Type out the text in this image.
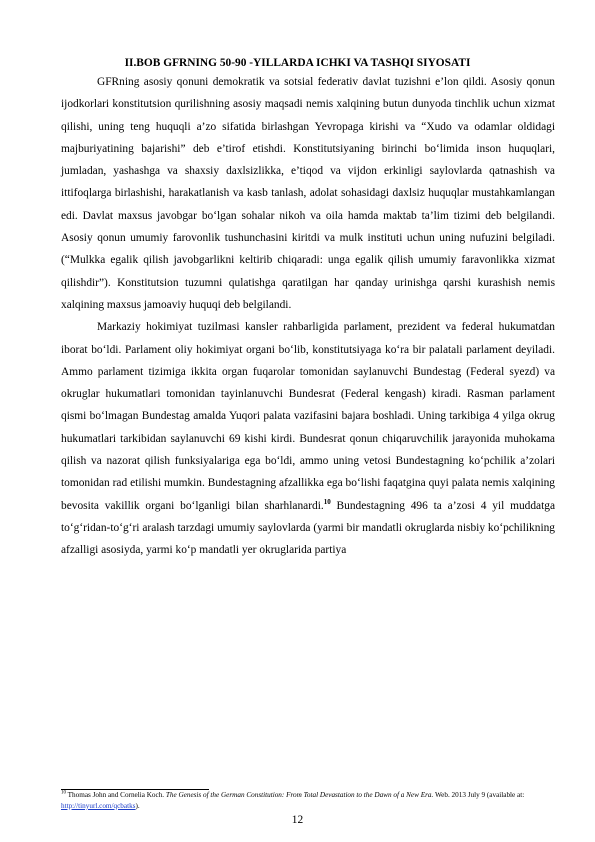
II.BOB GFRNING 50-90 -YILLARDA ICHKI VA TASHQI SIYOSATI

GFRning asosiy qonuni demokratik va sotsial federativ davlat tuzishni e’lon qildi. Asosiy qonun ijodkorlari konstitutsion qurilishning asosiy maqsadi nemis xalqining butun dunyoda tinchlik uchun xizmat qilishi, uning teng huquqli a’zo sifatida birlashgan Yevropaga kirishi va “Xudo va odamlar oldidagi majburiyatining bajarishi” deb e’tirof etishdi. Konstitutsiyaning birinchi bo‘limida inson huquqlari, jumladan, yashashga va shaxsiy daxlsizlikka, e’tiqod va vijdon erkinligi saylovlarda qatnashish va ittifoqlarga birlashishi, harakatlanish va kasb tanlash, adolat sohasidagi daxlsiz huquqlar mustahkamlangan edi. Davlat maxsus javobgar bo‘lgan sohalar nikoh va oila hamda maktab ta’lim tizimi deb belgilandi. Asosiy qonun umumiy farovonlik tushunchasini kiritdi va mulk instituti uchun uning nufuzini belgiladi. (“Mulkka egalik qilish javobgarlikni keltirib chiqaradi: unga egalik qilish umumiy faravonlikka xizmat qilishdir”). Konstitutsion tuzumni qulatishga qaratilgan har qanday urinishga qarshi kurashish nemis xalqining maxsus jamoaviy huquqi deb belgilandi.

Markaziy hokimiyat tuzilmasi kansler rahbarligida parlament, prezident va federal hukumatdan iborat bo‘ldi. Parlament oliy hokimiyat organi bo‘lib, konstitutsiyaga ko‘ra bir palatali parlament deyiladi. Ammo parlament tizimiga ikkita organ fuqarolar tomonidan saylanuvchi Bundestag (Federal syezd) va okruglar hukumatlari tomonidan tayinlanuvchi Bundesrat (Federal kengash) kiradi. Rasman parlament qismi bo‘lmagan Bundestag amalda Yuqori palata vazifasini bajara boshladi. Uning tarkibiga 4 yilga okrug hukumatlari tarkibidan saylanuvchi 69 kishi kirdi. Bundesrat qonun chiqaruvchilik jarayonida muhokama qilish va nazorat qilish funksiyalariga ega bo‘ldi, ammo uning vetosi Bundestagning ko‘pchilik a’zolari tomonidan rad etilishi mumkin. Bundestagning afzallikka ega bo‘lishi faqatgina quyi palata nemis xalqining bevosita vakillik organi bo‘lganligi bilan sharhlanardi.$^{10}$ Bundestagning 496 ta a’zosi 4 yil muddatga to‘g‘ridan-to‘g‘ri aralash tarzdagi umumiy saylovlarda (yarmi bir mandatli okruglarda nisbiy ko‘pchilikning afzalligi asosiyda, yarmi ko‘p mandatli yer okruglarida partiya

$^{10}$ Thomas John and Cornelia Koch. The Genesis of the German Constitution: From Total Devastation to the Dawn of a New Era. Web. 2013 July 9 (available at: http://tinyurl.com/qcbatks).
12
